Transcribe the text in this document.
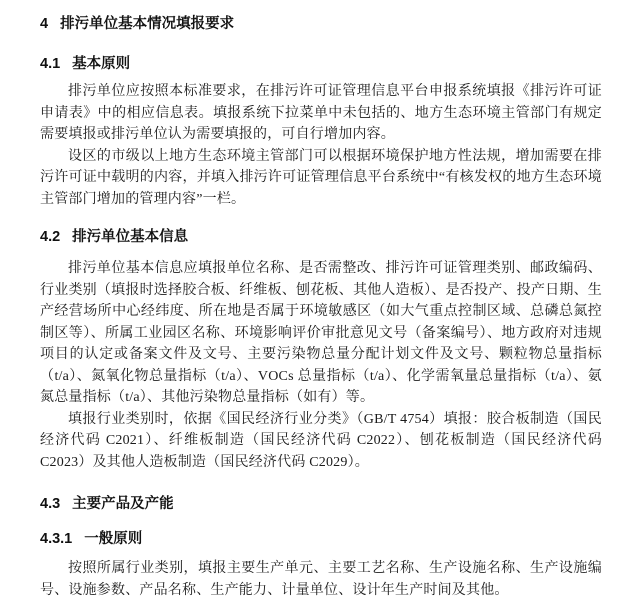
4 排污单位基本情况填报要求
4.1 基本原则

排污单位应按照本标准要求，在排污许可证管理信息平台申报系统填报《排污许可证申请表》中的相应信息表。填报系统下拉菜单中未包括的、地方生态环境主管部门有规定需要填报或排污单位认为需要填报的，可自行增加内容。

设区的市级以上地方生态环境主管部门可以根据环境保护地方性法规，增加需要在排污许可证中载明的内容，并填入排污许可证管理信息平台系统中“有核发权的地方生态环境主管部门增加的管理内容”一栏。

4.2 排污单位基本信息

排污单位基本信息应填报单位名称、是否需整改、排污许可证管理类别、邮政编码、行业类别（填报时选择胶合板、纤维板、刨花板、其他人造板）、是否投产、投产日期、生产经营场所中心经纬度、所在地是否属于环境敏感区（如大气重点控制区域、总磷总氮控制区等）、所属工业园区名称、环境影响评价审批意见文号（备案编号）、地方政府对违规项目的认定或备案文件及文号、主要污染物总量分配计划文件及文号、颗粒物总量指标（t/a）、氮氧化物总量指标（t/a）、VOCs 总量指标（t/a）、化学需氧量总量指标（t/a）、氨氮总量指标（t/a）、其他污染物总量指标（如有）等。

填报行业类别时，依据《国民经济行业分类》（GB/T 4754）填报：胶合板制造（国民经济代码 C2021）、纤维板制造（国民经济代码 C2022）、刨花板制造（国民经济代码 C2023）及其他人造板制造（国民经济代码 C2029）。

4.3 主要产品及产能
4.3.1 一般原则

按照所属行业类别，填报主要生产单元、主要工艺名称、生产设施名称、生产设施编号、设施参数、产品名称、生产能力、计量单位、设计年生产时间及其他。
